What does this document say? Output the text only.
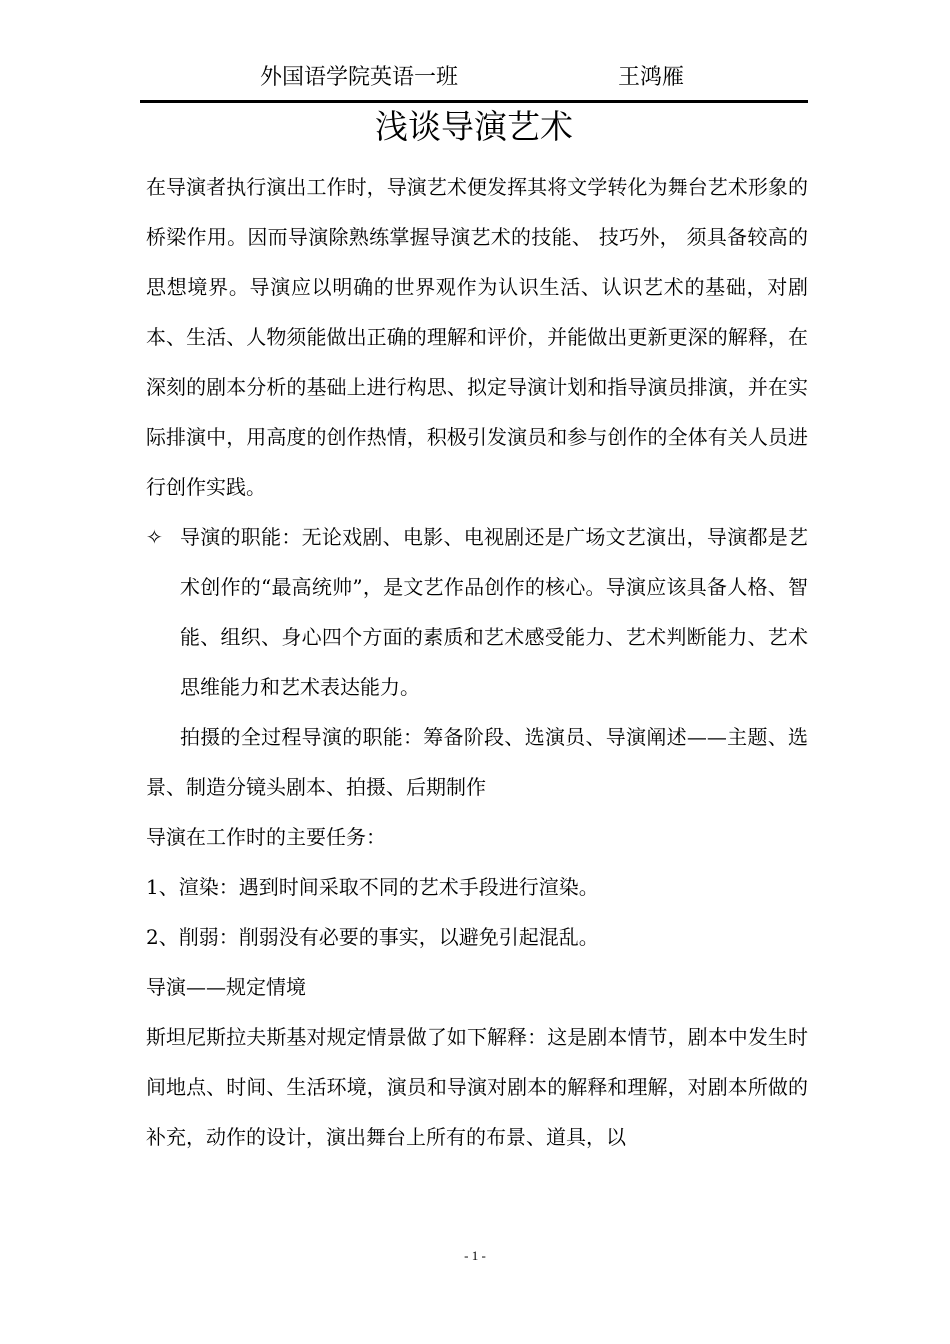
外国语学院英语一班	王鸿雁
浅谈导演艺术

在导演者执行演出工作时，导演艺术便发挥其将文学转化为舞台艺术形象的桥梁作用。因而导演除熟练掌握导演艺术的技能、 技巧外， 须具备较高的思想境界。导演应以明确的世界观作为认识生活、认识艺术的基础，对剧本、生活、人物须能做出正确的理解和评价，并能做出更新更深的解释，在深刻的剧本分析的基础上进行构思、拟定导演计划和指导演员排演，并在实际排演中，用高度的创作热情，积极引发演员和参与创作的全体有关人员进行创作实践。

✧ 导演的职能：无论戏剧、电影、电视剧还是广场文艺演出，导演都是艺术创作的“最高统帅”，是文艺作品创作的核心。导演应该具备人格、智能、组织、身心四个方面的素质和艺术感受能力、艺术判断能力、艺术思维能力和艺术表达能力。

拍摄的全过程导演的职能：筹备阶段、选演员、导演阐述——主题、选景、制造分镜头剧本、拍摄、后期制作

导演在工作时的主要任务：

1、渲染：遇到时间采取不同的艺术手段进行渲染。

2、削弱：削弱没有必要的事实，以避免引起混乱。

导演——规定情境

斯坦尼斯拉夫斯基对规定情景做了如下解释：这是剧本情节，剧本中发生时间地点、时间、生活环境，演员和导演对剧本的解释和理解，对剧本所做的补充，动作的设计，演出舞台上所有的布景、道具，以

- 1 -
